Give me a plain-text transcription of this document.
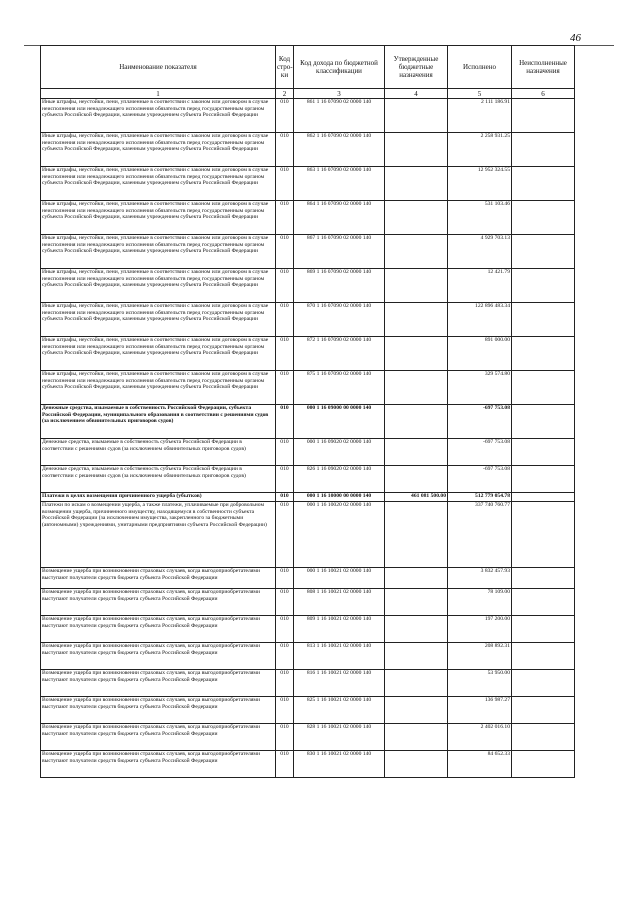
46
Наименование показателя	Код стро-ки	Код дохода по бюджетной классификации	Утвержденные бюджетные назначения	Исполнено	Неисполненные назначения
1	2	3	4	5	6
Иные штрафы, неустойки, пени, уплаченные в соответствии с законом или договором в случае неисполнения или ненадлежащего исполнения обязательств перед государственным органом субъекта Российской Федерации, казенным учреждением субъекта Российской Федерации	010	861 1 16 07090 02 0000 140		2 111 186.91	
Иные штрафы, неустойки, пени, уплаченные в соответствии с законом или договором в случае неисполнения или ненадлежащего исполнения обязательств перед государственным органом субъекта Российской Федерации, казенным учреждением субъекта Российской Федерации	010	862 1 16 07090 02 0000 140		2 258 931.25	
Иные штрафы, неустойки, пени, уплаченные в соответствии с законом или договором в случае неисполнения или ненадлежащего исполнения обязательств перед государственным органом субъекта Российской Федерации, казенным учреждением субъекта Российской Федерации	010	863 1 16 07090 02 0000 140		12 952 324.55	
Иные штрафы, неустойки, пени, уплаченные в соответствии с законом или договором в случае неисполнения или ненадлежащего исполнения обязательств перед государственным органом субъекта Российской Федерации, казенным учреждением субъекта Российской Федерации	010	864 1 16 07090 02 0000 140		531 103.46	
Иные штрафы, неустойки, пени, уплаченные в соответствии с законом или договором в случае неисполнения или ненадлежащего исполнения обязательств перед государственным органом субъекта Российской Федерации, казенным учреждением субъекта Российской Федерации	010	867 1 16 07090 02 0000 140		4 929 703.13	
Иные штрафы, неустойки, пени, уплаченные в соответствии с законом или договором в случае неисполнения или ненадлежащего исполнения обязательств перед государственным органом субъекта Российской Федерации, казенным учреждением субъекта Российской Федерации	010	869 1 16 07090 02 0000 140		12 421.79	
Иные штрафы, неустойки, пени, уплаченные в соответствии с законом или договором в случае неисполнения или ненадлежащего исполнения обязательств перед государственным органом субъекта Российской Федерации, казенным учреждением субъекта Российской Федерации	010	870 1 16 07090 02 0000 140		122 896 483.34	
Иные штрафы, неустойки, пени, уплаченные в соответствии с законом или договором в случае неисполнения или ненадлежащего исполнения обязательств перед государственным органом субъекта Российской Федерации, казенным учреждением субъекта Российской Федерации	010	872 1 16 07090 02 0000 140		891 000.00	
Иные штрафы, неустойки, пени, уплаченные в соответствии с законом или договором в случае неисполнения или ненадлежащего исполнения обязательств перед государственным органом субъекта Российской Федерации, казенным учреждением субъекта Российской Федерации	010	875 1 16 07090 02 0000 140		329 574.80	
Денежные средства, изымаемые в собственность Российской Федерации, субъекта Российской Федерации, муниципального образования в соответствии с решениями судов (за исключением обвинительных приговоров судов)	010	000 1 16 09000 00 0000 140		-697 753.08	
Денежные средства, изымаемые в собственность субъекта Российской Федерации в соответствии с решениями судов (за исключением обвинительных приговоров судов)	010	000 1 16 09020 02 0000 140		-697 753.08	
Денежные средства, изымаемые в собственность субъекта Российской Федерации в соответствии с решениями судов (за исключением обвинительных приговоров судов)	010	826 1 16 09020 02 0000 140		-697 753.08	
Платежи в целях возмещения причиненного ущерба (убытков)	010	000 1 16 10000 00 0000 140	461 081 500.00	512 779 054.78	
Платежи по искам о возмещении ущерба, а также платежи, уплачиваемые при добровольном возмещении ущерба, причиненного имуществу, находящемуся в собственности субъекта Российской Федерации (за исключением имущества, закрепленного за бюджетными (автономными) учреждениями, унитарными предприятиями субъекта Российской Федерации)	010	000 1 16 10020 02 0000 140		337 740 760.77	
Возмещение ущерба при возникновении страховых случаев, когда выгодоприобретателями выступают получатели средств бюджета субъекта Российской Федерации	010	000 1 16 10021 02 0000 140		3 832 457.93	
Возмещение ущерба при возникновении страховых случаев, когда выгодоприобретателями выступают получатели средств бюджета субъекта Российской Федерации	010	808 1 16 10021 02 0000 140		78 109.00	
Возмещение ущерба при возникновении страховых случаев, когда выгодоприобретателями выступают получатели средств бюджета субъекта Российской Федерации	010	809 1 16 10021 02 0000 140		197 200.00	
Возмещение ущерба при возникновении страховых случаев, когда выгодоприобретателями выступают получатели средств бюджета субъекта Российской Федерации	010	813 1 16 10021 02 0000 140		208 892.31	
Возмещение ущерба при возникновении страховых случаев, когда выгодоприобретателями выступают получатели средств бюджета субъекта Российской Федерации	010	816 1 16 10021 02 0000 140		53 950.00	
Возмещение ущерба при возникновении страховых случаев, когда выгодоприобретателями выступают получатели средств бюджета субъекта Российской Федерации	010	825 1 16 10021 02 0000 140		136 987.27	
Возмещение ущерба при возникновении страховых случаев, когда выгодоприобретателями выступают получатели средств бюджета субъекта Российской Федерации	010	828 1 16 10021 02 0000 140		2 402 016.10	
Возмещение ущерба при возникновении страховых случаев, когда выгодоприобретателями выступают получатели средств бюджета субъекта Российской Федерации	010	830 1 16 10021 02 0000 140		84 652.33	
